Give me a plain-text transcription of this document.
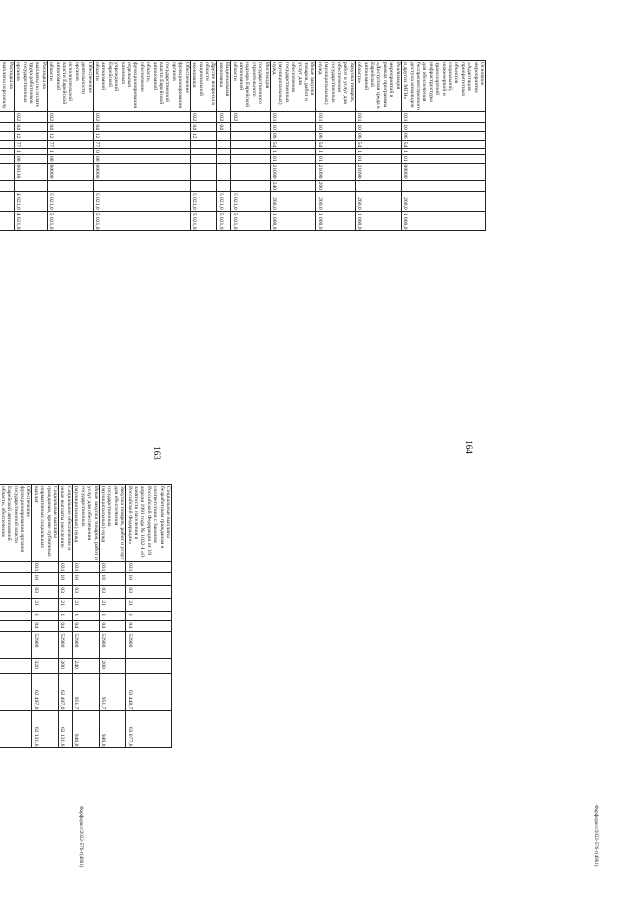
163	164
Социальные выплаты безработным гражданам в соответствии с Законом Российской Федерации от 19 апреля 1991 года № 1032-I «О занятости населения в Российской Федерации»	031	10	03	21	1	04	52900		63 448,7	63 077,6
Закупка товаров, работ и услуг для обеспечения государственных (муниципальных) нужд	031	10	03	21	1	04	52900	200	951,7	946,0
Иные закупки товаров, работ и услуг для обеспечения государственных (муниципальных) нужд	031	10	03	21	1	04	52900	240	951,7	946,0
Социальное обеспечение и иные выплаты населению	031	10	03	21	1	04	52900	300	62 497,0	62 131,6
Социальные выплаты гражданам, кроме публичных нормативных социальных выплат	031	10	03	21	1	04	52900	320	62 497,0	62 131,6
Обеспечение функционирования органов государственной власти Еврейской автономной области, обеспечение										

Основное мероприятие «Адаптация приоритетных объектов социальной, инженерной и транспортной инфраструктуры для обеспечения беспрепятственного доступа инвалидов и других МГН»	031	10	06	54	1	01	00000		260,0	1 000,0
Реализация мероприятий в рамках программы «Доступная среда в Еврейской автономной области»	031	10	06	54	1	01	21090		260,0	1 000,0
Закупка товаров, работ и услуг для обеспечения государственных (муниципальных) нужд	031	10	06	54	1	01	21090	200	260,0	1 000,0
Иные закупки товаров, работ и услуг для обеспечения государственных (муниципальных) нужд	031	10	06	54	1	01	21090	240	260,0	1 000,0
Инспекция государственного строительного надзора Еврейской автономной области	032								5 021,0	5 021,0
Национальная экономика	032	04							5 021,0	5 021,0
Другие вопросы в области национальной экономики	032	04	12						5 021,0	5 021,0
Обеспечение функционирования органов государственной власти Еврейской автономной области, обеспечение функционирования отдельных казенных учреждений Еврейской автономной области	032	04	12	77	0	00	00000		5 021,0	5 021,0
Обеспечение деятельности органов исполнительной власти Еврейской автономной области	032	04	12	77	1	00	00000		5 021,0	5 021,0
Расходы на выплаты по оплате труда работников государственных органов	032	04	12	77	1	00	00110		4 621,0	4 621,0
Расходы на выплаты персоналу										

Фарфорвсг/2022-576-т(4961)	Фарфорвсг/2022-576-т(4961)
